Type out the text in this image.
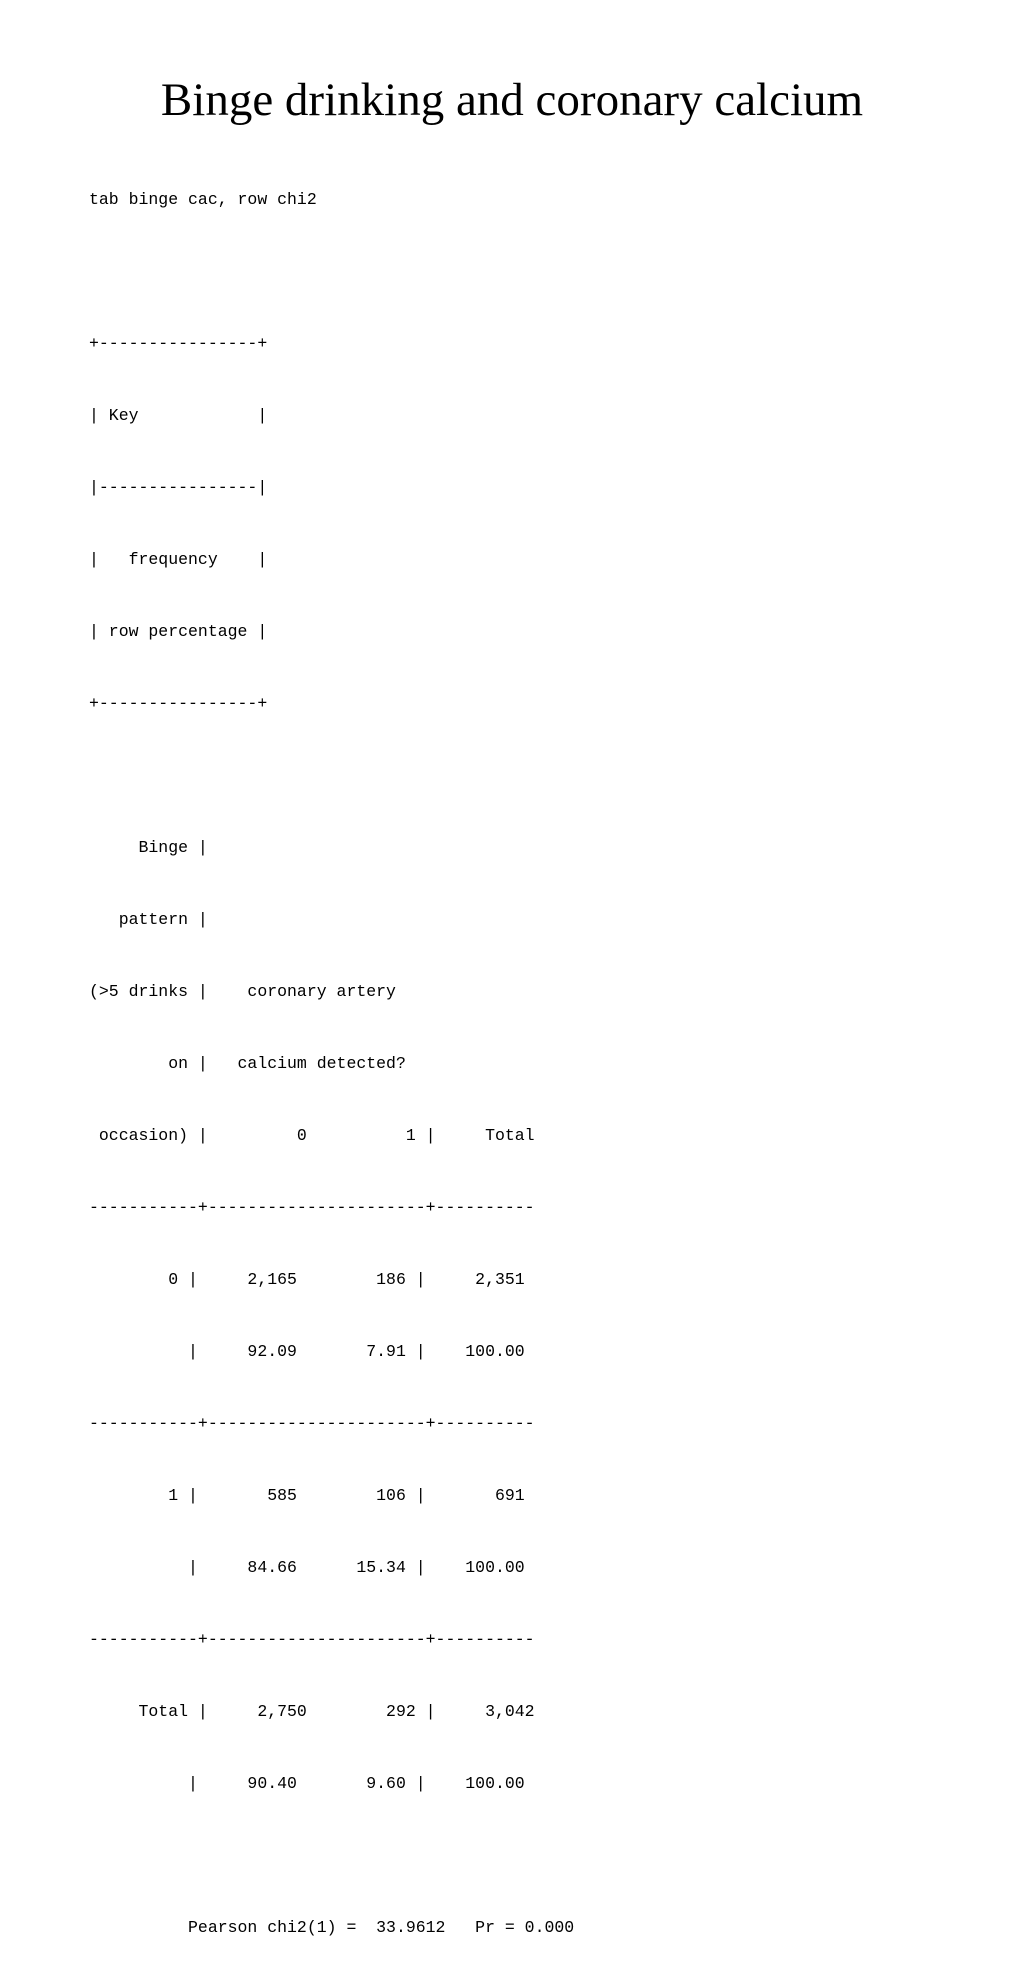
Binge drinking and coronary calcium

tab binge cac, row chi2

+----------------+

| Key            |

|----------------|

|   frequency    |

| row percentage |

+----------------+

Binge |

pattern |

(>5 drinks |    coronary artery

on |   calcium detected?

occasion) |         0          1 |     Total

-----------+----------------------+----------

0 |     2,165        186 |     2,351

|     92.09       7.91 |    100.00

-----------+----------------------+----------

1 |       585        106 |       691

|     84.66      15.34 |    100.00

-----------+----------------------+----------

Total |     2,750        292 |     3,042

|     90.40       9.60 |    100.00

Pearson chi2(1) =  33.9612   Pr = 0.000
